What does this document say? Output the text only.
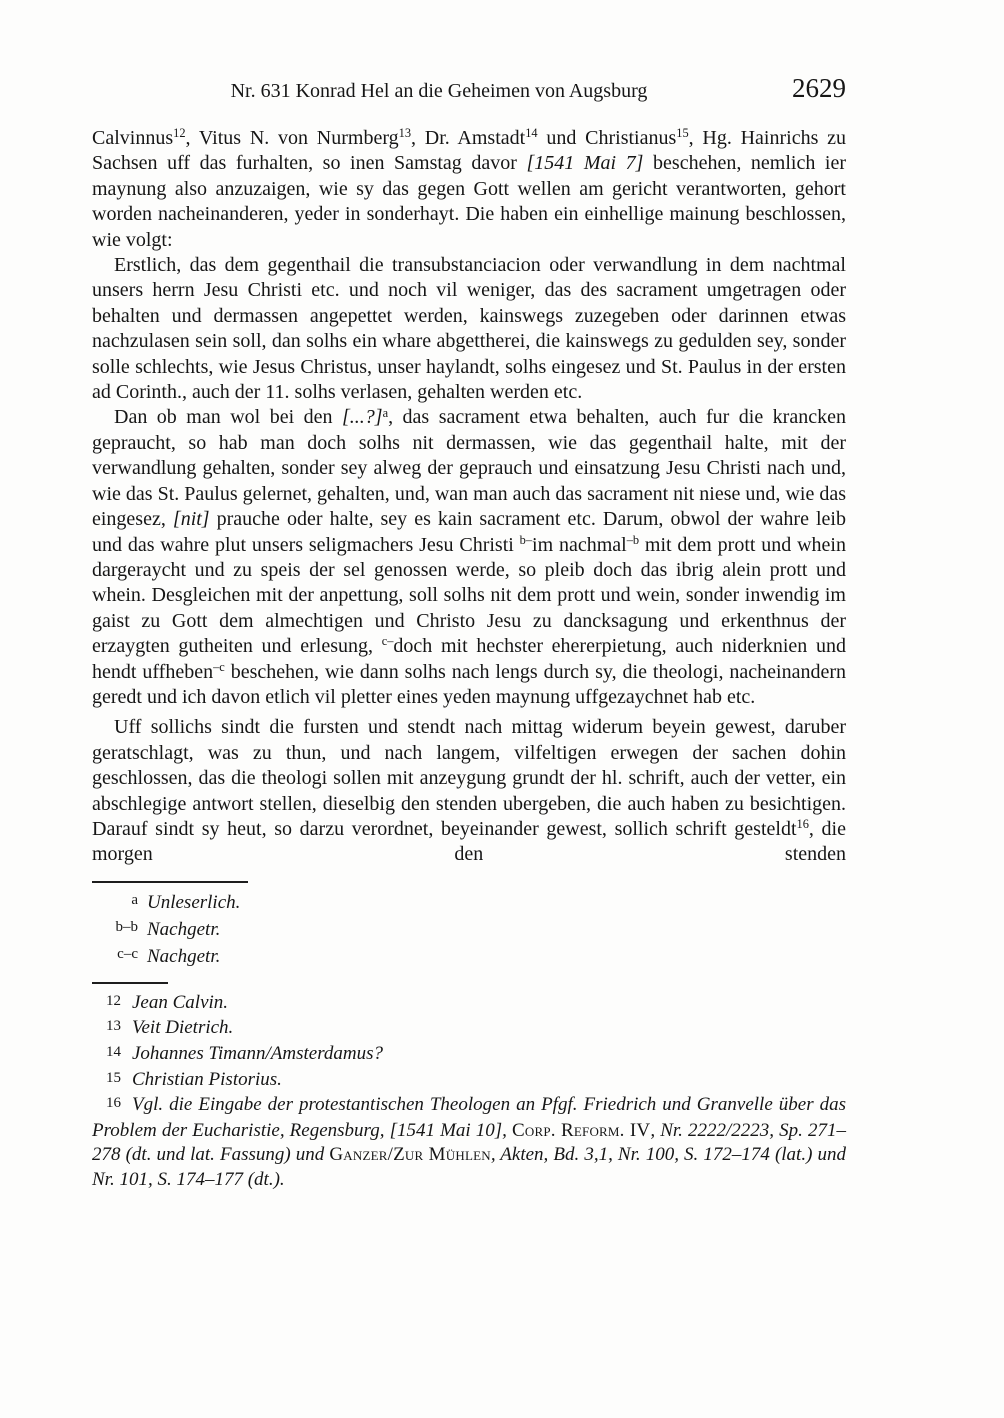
Nr. 631 Konrad Hel an die Geheimen von Augsburg	2629

Calvinnus$^{12}$, Vitus N. von Nurmberg$^{13}$, Dr. Amstadt$^{14}$ und Christianus$^{15}$, Hg. Hainrichs zu Sachsen uff das furhalten, so inen Samstag davor [1541 Mai 7] beschehen, nemlich ier maynung also anzuzaigen, wie sy das gegen Gott wellen am gericht verantworten, gehort worden nacheinanderen, yeder in sonderhayt. Die haben ein einhellige mainung beschlossen, wie volgt:

Erstlich, das dem gegenthail die transubstanciacion oder verwandlung in dem nachtmal unsers herrn Jesu Christi etc. und noch vil weniger, das des sacrament umgetragen oder behalten und dermassen angepettet werden, kainswegs zuzegeben oder darinnen etwas nachzulasen sein soll, dan solhs ein whare abgettherei, die kainswegs zu gedulden sey, sonder solle schlechts, wie Jesus Christus, unser haylandt, solhs eingesez und St. Paulus in der ersten ad Corinth., auch der 11. solhs verlasen, gehalten werden etc.

Dan ob man wol bei den [...?]$^a$, das sacrament etwa behalten, auch fur die krancken gepraucht, so hab man doch solhs nit dermassen, wie das gegenthail halte, mit der verwandlung gehalten, sonder sey alweg der geprauch und einsatzung Jesu Christi nach und, wie das St. Paulus gelernet, gehalten, und, wan man auch das sacrament nit niese und, wie das eingesez, [nit] prauche oder halte, sey es kain sacrament etc. Darum, obwol der wahre leib und das wahre plut unsers seligmachers Jesu Christi $^{b-}$im nachmal$^{-b}$ mit dem prott und whein dargeraycht und zu speis der sel genossen werde, so pleib doch das ibrig alein prott und whein. Desgleichen mit der anpettung, soll solhs nit dem prott und wein, sonder inwendig im gaist zu Gott dem almechtigen und Christo Jesu zu dancksagung und erkenthnus der erzaygten gutheiten und erlesung, $^{c-}$doch mit hechster ehererpietung, auch niderknien und hendt uffheben$^{-c}$ beschehen, wie dann solhs nach lengs durch sy, die theologi, nacheinandern geredt und ich davon etlich vil pletter eines yeden maynung uffgezaychnet hab etc.

Uff sollichs sindt die fursten und stendt nach mittag widerum beyein gewest, daruber geratschlagt, was zu thun, und nach langem, vilfeltigen erwegen der sachen dohin geschlossen, das die theologi sollen mit anzeygung grundt der hl. schrift, auch der vetter, ein abschlegige antwort stellen, dieselbig den stenden ubergeben, die auch haben zu besichtigen. Darauf sindt sy heut, so darzu verordnet, beyeinander gewest, sollich schrift gesteldt$^{16}$, die morgen den stenden

a Unleserlich.
b–b Nachgetr.
c–c Nachgetr.

12 Jean Calvin.

13 Veit Dietrich.

14 Johannes Timann/Amsterdamus?

15 Christian Pistorius.

16 Vgl. die Eingabe der protestantischen Theologen an Pfgf. Friedrich und Granvelle über das Problem der Eucharistie, Regensburg, [1541 Mai 10], Corp. Reform. IV, Nr. 2222/2223, Sp. 271–278 (dt. und lat. Fassung) und Ganzer/Zur Mühlen, Akten, Bd. 3,1, Nr. 100, S. 172–174 (lat.) und Nr. 101, S. 174–177 (dt.).
